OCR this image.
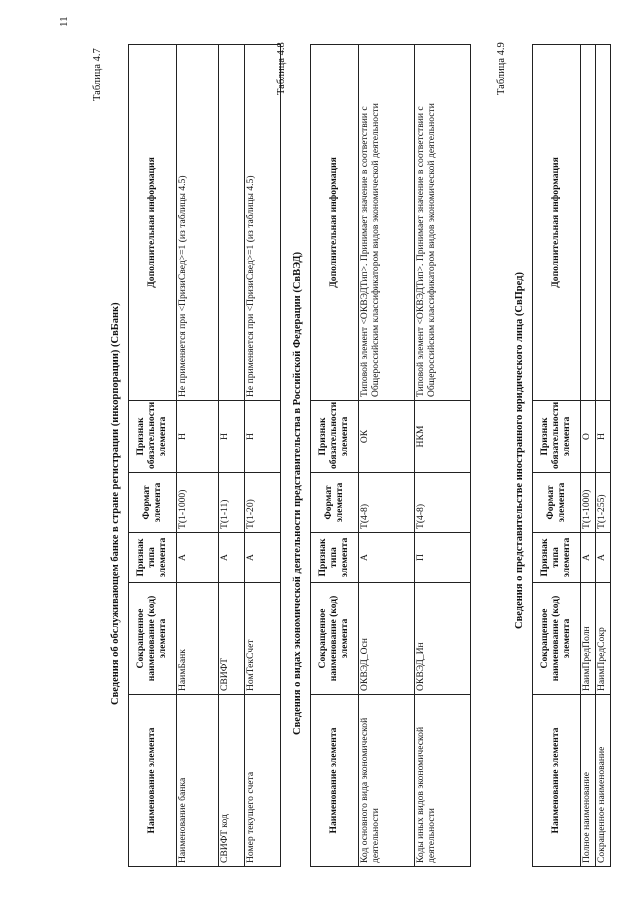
11
Таблица 4.7
Сведения об обслуживающем банке в стране регистрации (инкорпорации) (СвБанк)
Наименование элемента	Сокращенное наименование (код) элемента	Признак типа элемента	Формат элемента	Признак обязательности элемента	Дополнительная информация
Наименование банка	НаимБанк	А	Т(1-1000)	Н	Не применяется при <ПризиСвед>=1 (из таблицы 4.5)
СВИФТ код	СВИФТ	А	Т(1-11)	Н	
Номер текущего счета	НомТекСчет	А	Т(1-20)	Н	Не применяется при <ПризиСвед>=1 (из таблицы 4.5)
Таблица 4.8
Сведения о видах экономической деятельности представительства в Российской Федерации (СвВЭД)
Наименование элемента	Сокращенное наименование (код) элемента	Признак типа элемента	Формат элемента	Признак обязательности элемента	Дополнительная информация
Код основного вида экономической деятельности	ОКВЭД_Осн	А	Т(4-8)	ОК	Типовой элемент <ОКВЭДТип>. Принимает значение в соответствии с Общероссийским классификатором видов экономической деятельности
Коды иных видов экономической деятельности	ОКВЭД_Ин	П	Т(4-8)	НКМ	Типовой элемент <ОКВЭДТип>. Принимает значение в соответствии с Общероссийским классификатором видов экономической деятельности
Таблица 4.9
Сведения о представительстве иностранного юридического лица (СвПред)
Наименование элемента	Сокращенное наименование (код) элемента	Признак типа элемента	Формат элемента	Признак обязательности элемента	Дополнительная информация
Полное наименование	НаимПредПолн	А	Т(1-1000)	О	
Сокращенное наименование	НаимПредСокр	А	Т(1-255)	Н	
